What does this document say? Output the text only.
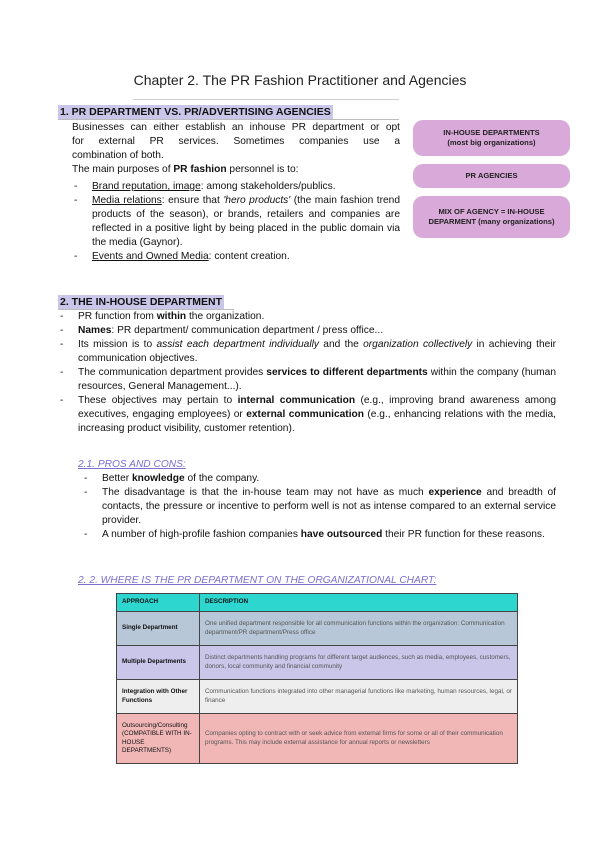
Chapter 2. The PR Fashion Practitioner and Agencies
1. PR DEPARTMENT VS. PR/ADVERTISING AGENCIES
Businesses can either establish an inhouse PR department or opt
for external PR services. Sometimes companies use a
combination of both.
The main purposes of PR fashion personnel is to:
- Brand reputation, image: among stakeholders/publics.
- Media relations: ensure that 'hero products' (the main fashion trend products of the season), or brands, retailers and companies are reflected in a positive light by being placed in the public domain via the media (Gaynor).
- Events and Owned Media: content creation.
IN-HOUSE DEPARTMENTS
(most big organizations)
PR AGENCIES
MIX OF AGENCY = IN-HOUSE
DEPARMENT (many organizations)
2. THE IN-HOUSE DEPARTMENT
- PR function from within the organization.
- Names: PR department/ communication department / press office...
- Its mission is to assist each department individually and the organization collectively in achieving their communication objectives.
- The communication department provides services to different departments within the company (human resources, General Management...).
- These objectives may pertain to internal communication (e.g., improving brand awareness among executives, engaging employees) or external communication (e.g., enhancing relations with the media, increasing product visibility, customer retention).
2.1. PROS AND CONS:
- Better knowledge of the company.
- The disadvantage is that the in-house team may not have as much experience and breadth of contacts, the pressure or incentive to perform well is not as intense compared to an external service provider.
- A number of high-profile fashion companies have outsourced their PR function for these reasons.
2. 2. WHERE IS THE PR DEPARTMENT ON THE ORGANIZATIONAL CHART:
APPROACH	DESCRIPTION
Single Department	One unified department responsible for all communication functions within the organization: Communication department/PR department/Press office
Multiple Departments	Distinct departments handling programs for different target audiences, such as media, employees, customers, donors, local community and financial community
Integration with Other Functions	Communication functions integrated into other managerial functions like marketing, human resources, legal, or finance
Outsourcing/Consulting (COMPATIBLE WITH IN-HOUSE DEPARTMENTS)	Companies opting to contract with or seek advice from external firms for some or all of their communication programs. This may include external assistance for annual reports or newsletters
